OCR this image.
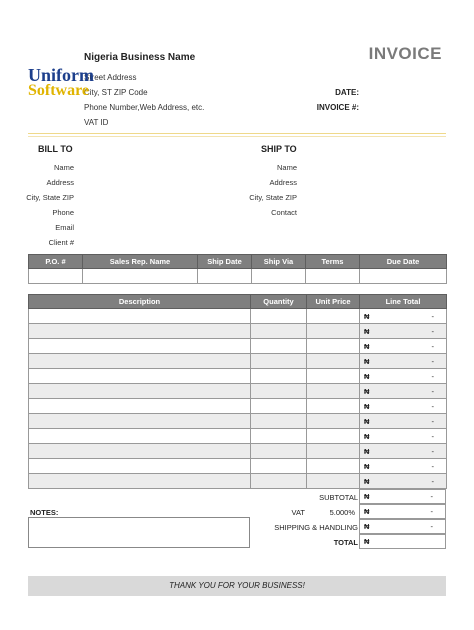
Nigeria Business Name
Street Address
City, ST ZIP Code
Phone Number,Web Address, etc.
VAT ID
Uniform
Software
INVOICE
DATE:
INVOICE #:
BILL TO
Name
Address
City, State ZIP
Phone
Email
Client #
SHIP TO
Name
Address
City, State ZIP
Contact
P.O. #	Sales Rep. Name	Ship Date	Ship Via	Terms	Due Date

Description	Quantity	Unit Price	Line Total
			₦ -

			₦ -

			₦ -

			₦ -

			₦ -

			₦ -

			₦ -

			₦ -

			₦ -

			₦ -

			₦ -

			₦ -
SUBTOTAL ₦	-
VAT	5.000%	₦	-
SHIPPING & HANDLING ₦	-
TOTAL ₦
NOTES:
THANK YOU FOR YOUR BUSINESS!
